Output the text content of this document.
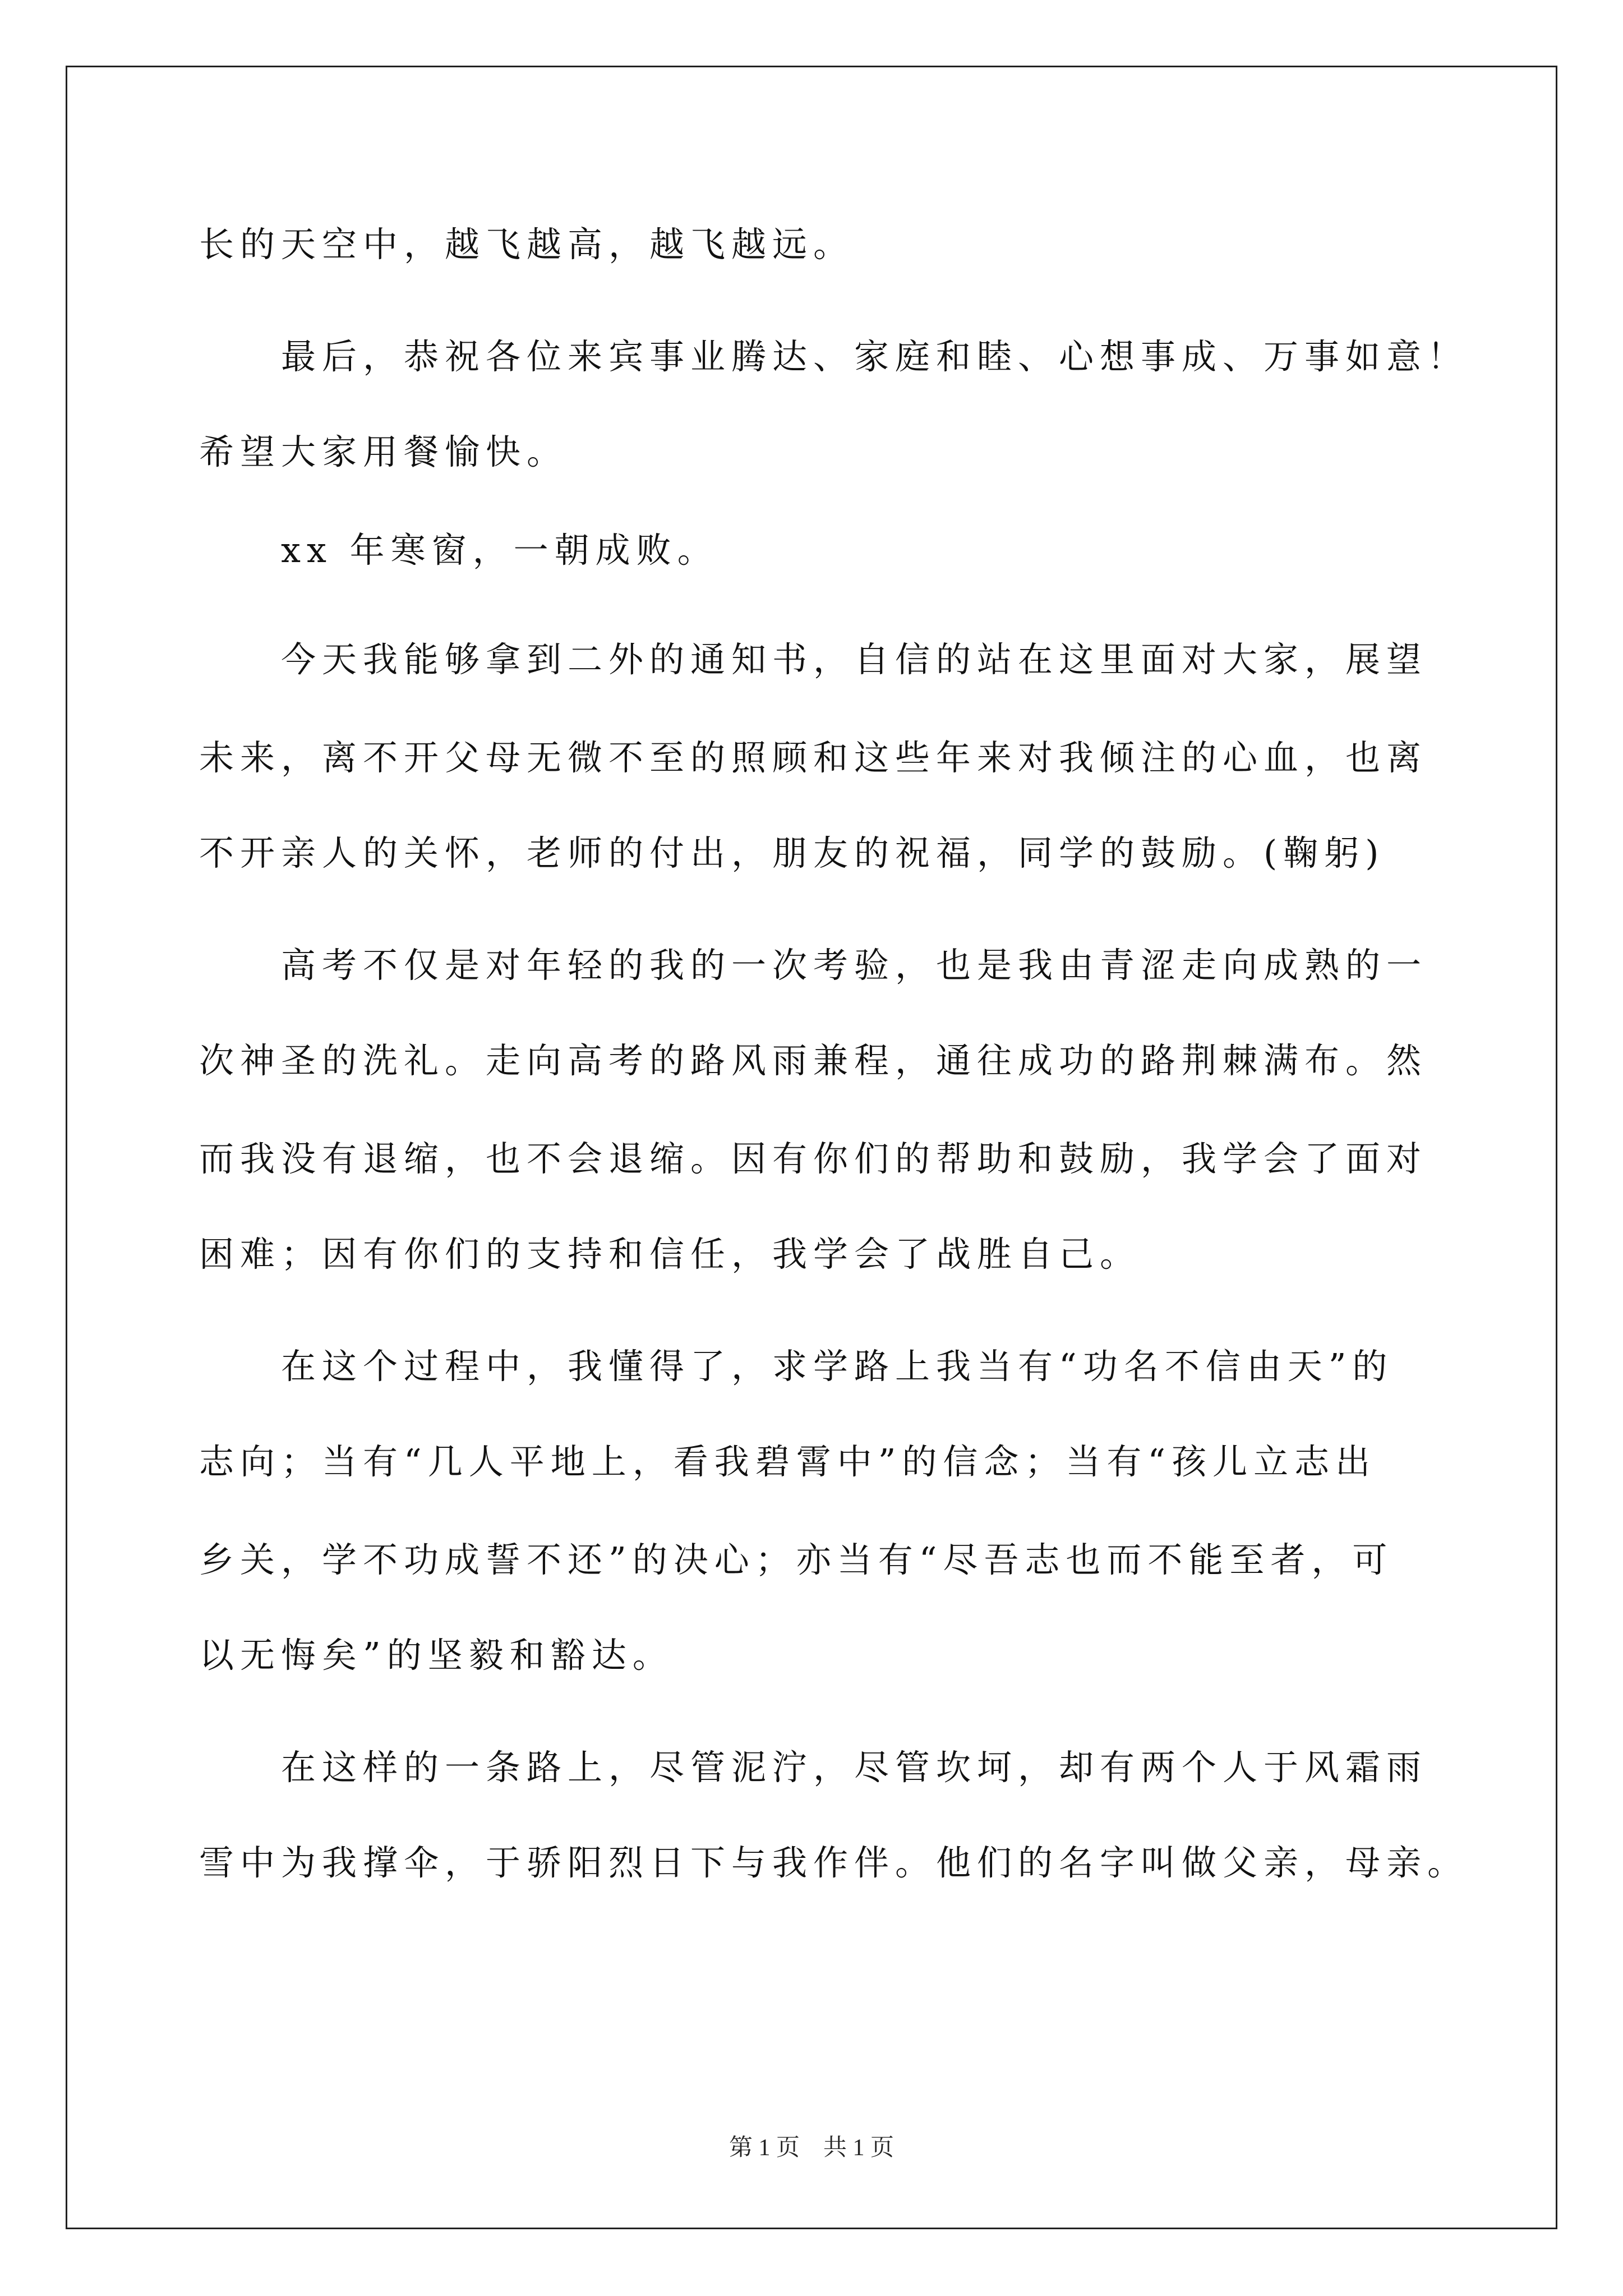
长的天空中，越飞越高，越飞越远。
最后，恭祝各位来宾事业腾达、家庭和睦、心想事成、万事如意！
希望大家用餐愉快。
xx 年寒窗，一朝成败。
今天我能够拿到二外的通知书，自信的站在这里面对大家，展望
未来，离不开父母无微不至的照顾和这些年来对我倾注的心血，也离
不开亲人的关怀，老师的付出，朋友的祝福，同学的鼓励。(鞠躬)
高考不仅是对年轻的我的一次考验，也是我由青涩走向成熟的一
次神圣的洗礼。走向高考的路风雨兼程，通往成功的路荆棘满布。然
而我没有退缩，也不会退缩。因有你们的帮助和鼓励，我学会了面对
困难；因有你们的支持和信任，我学会了战胜自己。
在这个过程中，我懂得了，求学路上我当有“功名不信由天”的
志向；当有“几人平地上，看我碧霄中”的信念；当有“孩儿立志出
乡关，学不功成誓不还”的决心；亦当有“尽吾志也而不能至者，可
以无悔矣”的坚毅和豁达。
在这样的一条路上，尽管泥泞，尽管坎坷，却有两个人于风霜雨
雪中为我撑伞，于骄阳烈日下与我作伴。他们的名字叫做父亲，母亲。
第 1 页　共 1 页
